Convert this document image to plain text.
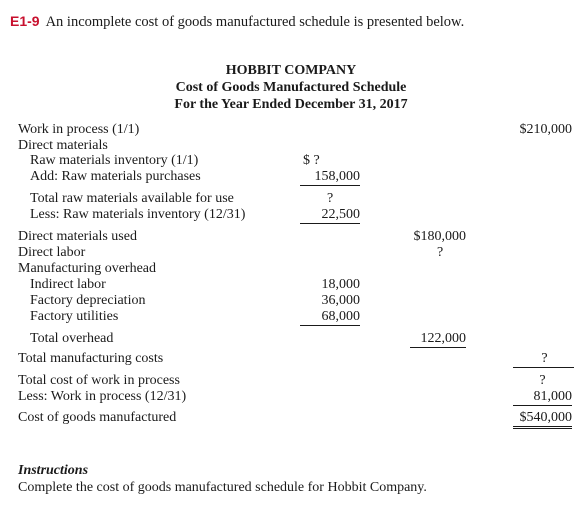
E1-9 An incomplete cost of goods manufactured schedule is presented below.
HOBBIT COMPANY
Cost of Goods Manufactured Schedule
For the Year Ended December 31, 2017
Work in process (1/1)
Direct materials
Raw materials inventory (1/1)
Add: Raw materials purchases
Total raw materials available for use
Less: Raw materials inventory (12/31)
Direct materials used
Direct labor
Manufacturing overhead
Indirect labor
Factory depreciation
Factory utilities
Total overhead
Total manufacturing costs
Total cost of work in process
Less: Work in process (12/31)
Cost of goods manufactured
$ ?
158,000
?
22,500
18,000
36,000
68,000
$180,000
?
122,000
$210,000
?
?
81,000
$540,000
Instructions
Complete the cost of goods manufactured schedule for Hobbit Company.
